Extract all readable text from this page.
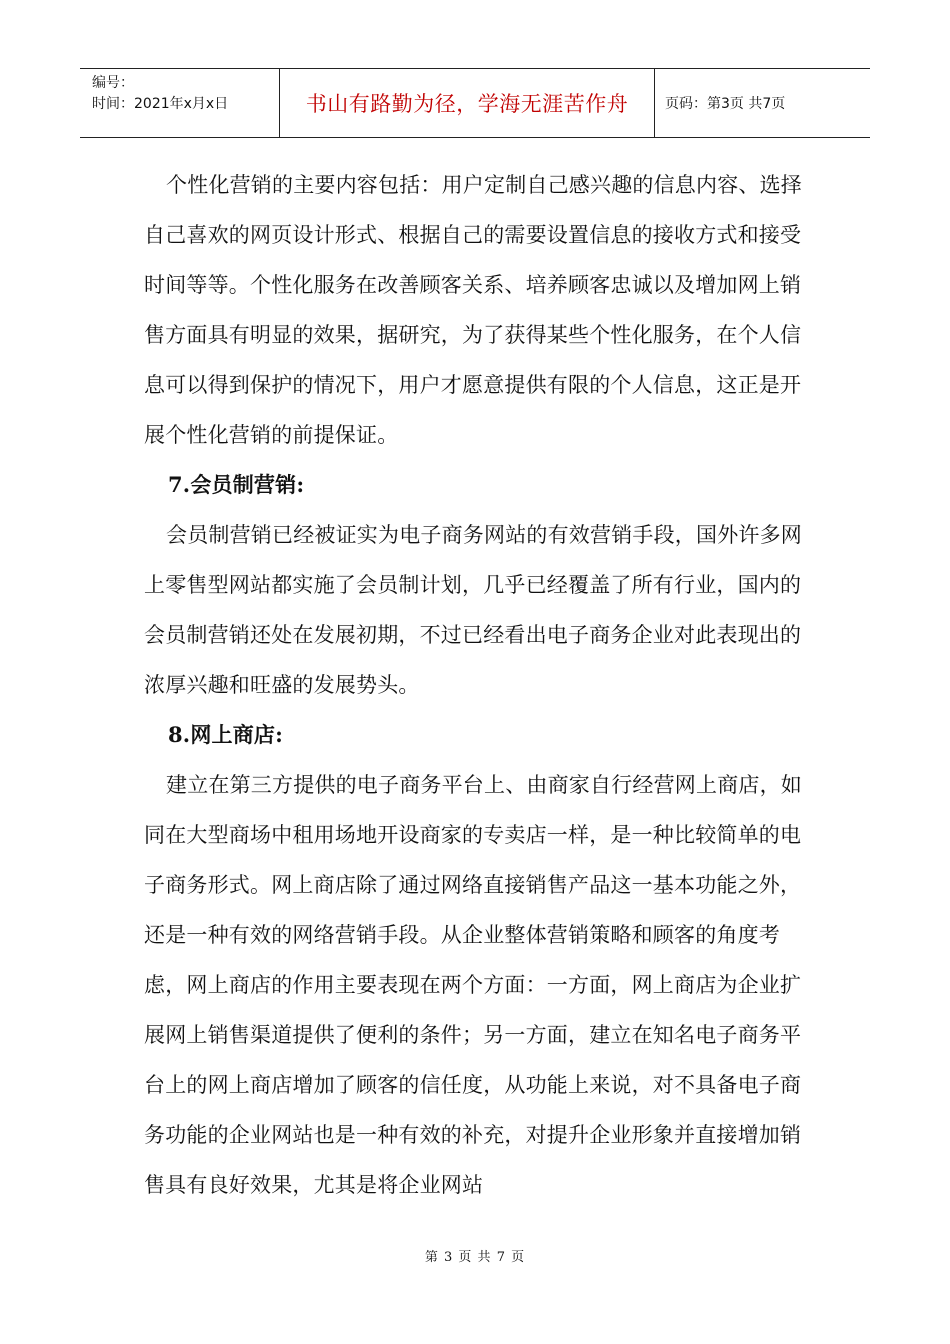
编号：
时间：2021年x月x日	书山有路勤为径，学海无涯苦作舟	页码：第3页 共7页

个性化营销的主要内容包括：用户定制自己感兴趣的信息内容、选择自己喜欢的网页设计形式、根据自己的需要设置信息的接收方式和接受时间等等。个性化服务在改善顾客关系、培养顾客忠诚以及增加网上销售方面具有明显的效果，据研究，为了获得某些个性化服务，在个人信息可以得到保护的情况下，用户才愿意提供有限的个人信息，这正是开展个性化营销的前提保证。

7.会员制营销:

会员制营销已经被证实为电子商务网站的有效营销手段，国外许多网上零售型网站都实施了会员制计划，几乎已经覆盖了所有行业，国内的会员制营销还处在发展初期，不过已经看出电子商务企业对此表现出的浓厚兴趣和旺盛的发展势头。

8.网上商店:

建立在第三方提供的电子商务平台上、由商家自行经营网上商店，如同在大型商场中租用场地开设商家的专卖店一样，是一种比较简单的电子商务形式。网上商店除了通过网络直接销售产品这一基本功能之外，还是一种有效的网络营销手段。从企业整体营销策略和顾客的角度考虑，网上商店的作用主要表现在两个方面：一方面，网上商店为企业扩展网上销售渠道提供了便利的条件；另一方面，建立在知名电子商务平台上的网上商店增加了顾客的信任度，从功能上来说，对不具备电子商务功能的企业网站也是一种有效的补充，对提升企业形象并直接增加销售具有良好效果，尤其是将企业网站

第 3 页 共 7 页
